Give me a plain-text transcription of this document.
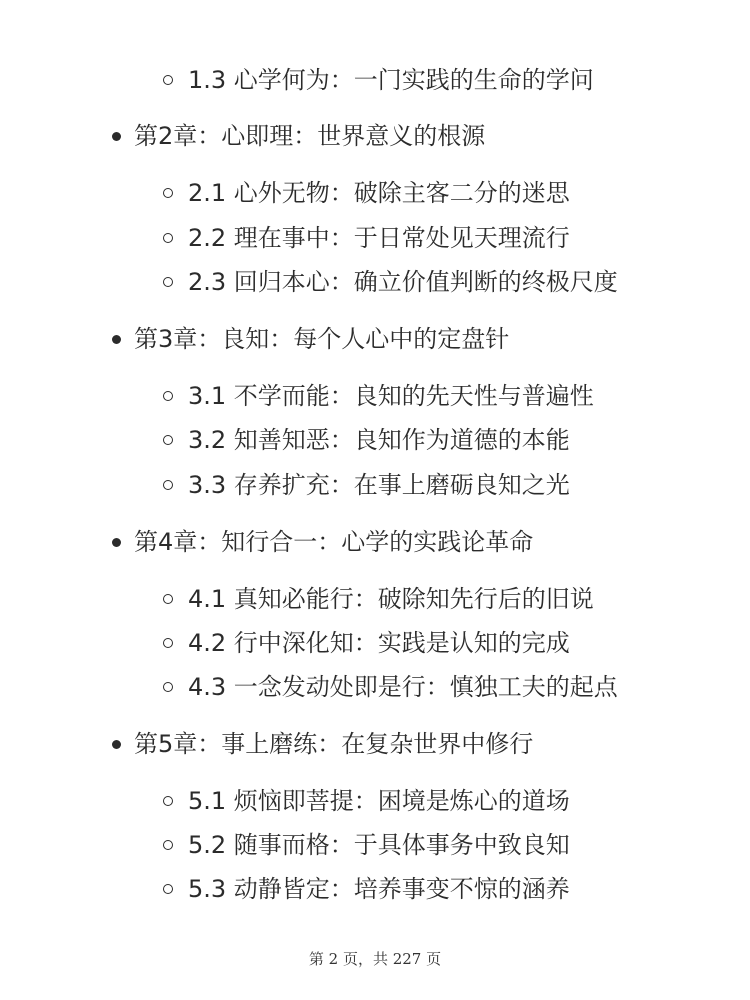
1.3 心学何为：一门实践的生命的学问
第2章：心即理：世界意义的根源
2.1 心外无物：破除主客二分的迷思
2.2 理在事中：于日常处见天理流行
2.3 回归本心：确立价值判断的终极尺度
第3章：良知：每个人心中的定盘针
3.1 不学而能：良知的先天性与普遍性
3.2 知善知恶：良知作为道德的本能
3.3 存养扩充：在事上磨砺良知之光
第4章：知行合一：心学的实践论革命
4.1 真知必能行：破除知先行后的旧说
4.2 行中深化知：实践是认知的完成
4.3 一念发动处即是行：慎独工夫的起点
第5章：事上磨练：在复杂世界中修行
5.1 烦恼即菩提：困境是炼心的道场
5.2 随事而格：于具体事务中致良知
5.3 动静皆定：培养事变不惊的涵养
第 2 页，共 227 页
